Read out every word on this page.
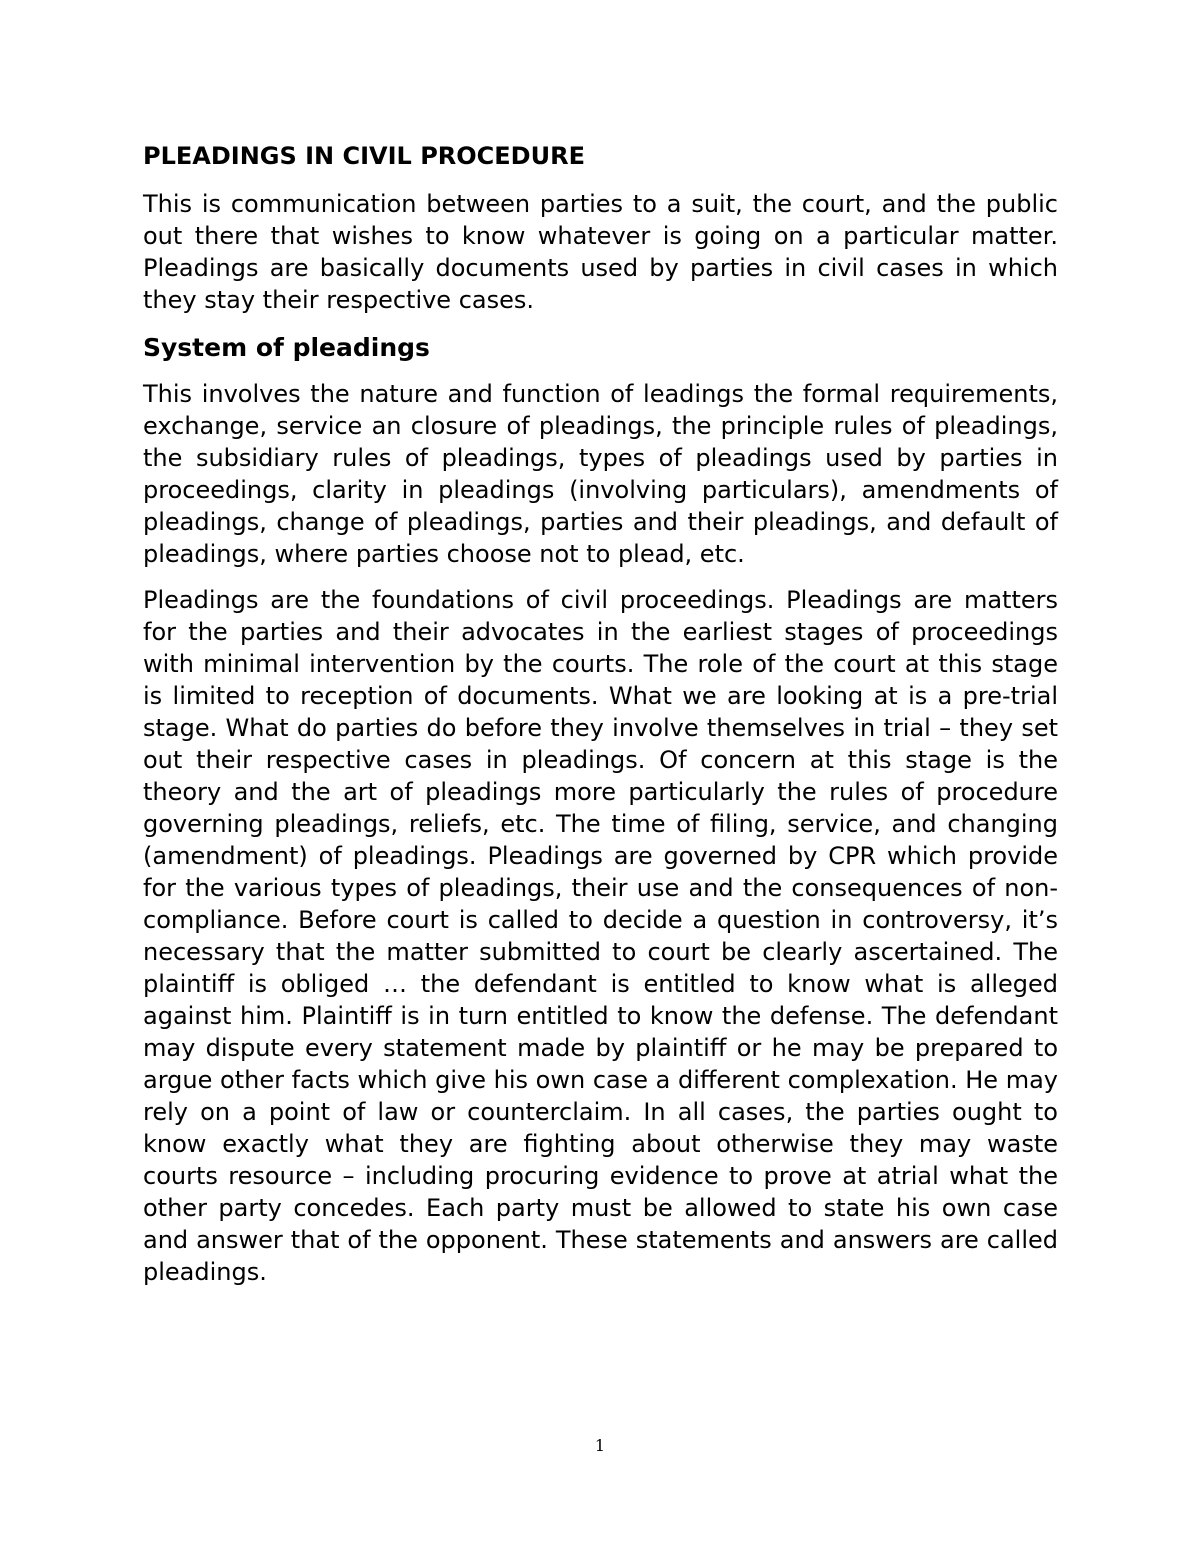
PLEADINGS IN CIVIL PROCEDURE

This is communication between parties to a suit, the court, and the public out there that wishes to know whatever is going on a particular matter. Pleadings are basically documents used by parties in civil cases in which they stay their respective cases.

System of pleadings

This involves the nature and function of leadings the formal requirements, exchange, service an closure of pleadings, the principle rules of pleadings, the subsidiary rules of pleadings, types of pleadings used by parties in proceedings, clarity in pleadings (involving particulars), amendments of pleadings, change of pleadings, parties and their pleadings, and default of pleadings, where parties choose not to plead, etc.

Pleadings are the foundations of civil proceedings. Pleadings are matters for the parties and their advocates in the earliest stages of proceedings with minimal intervention by the courts. The role of the court at this stage is limited to reception of documents. What we are looking at is a pre-trial stage. What do parties do before they involve themselves in trial – they set out their respective cases in pleadings. Of concern at this stage is the theory and the art of pleadings more particularly the rules of procedure governing pleadings, reliefs, etc. The time of filing, service, and changing (amendment) of pleadings. Pleadings are governed by CPR which provide for the various types of pleadings, their use and the consequences of non-compliance. Before court is called to decide a question in controversy, it’s necessary that the matter submitted to court be clearly ascertained. The plaintiff is obliged … the defendant is entitled to know what is alleged against him. Plaintiff is in turn entitled to know the defense. The defendant may dispute every statement made by plaintiff or he may be prepared to argue other facts which give his own case a different complexation. He may rely on a point of law or counterclaim. In all cases, the parties ought to know exactly what they are fighting about otherwise they may waste courts resource – including procuring evidence to prove at atrial what the other party concedes. Each party must be allowed to state his own case and answer that of the opponent. These statements and answers are called pleadings.

1
